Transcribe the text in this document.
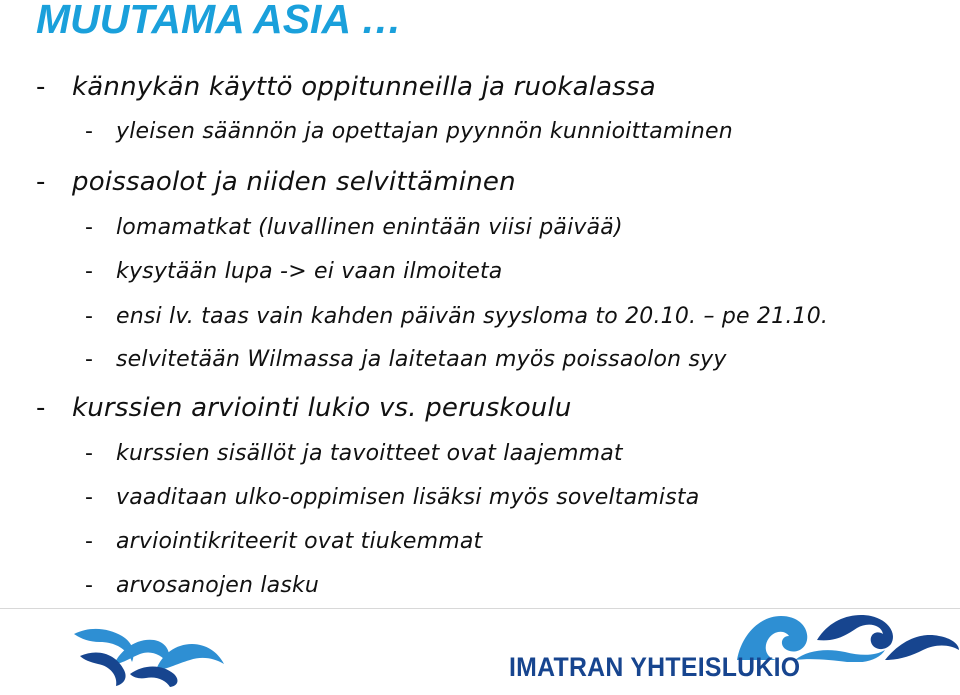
MUUTAMA ASIA …
- kännykän käyttö oppitunneilla ja ruokalassa
- yleisen säännön ja opettajan pyynnön kunnioittaminen
- poissaolot ja niiden selvittäminen
- lomamatkat (luvallinen enintään viisi päivää)
- kysytään lupa -> ei vaan ilmoiteta
- ensi lv. taas vain kahden päivän syysloma to 20.10. – pe 21.10.
- selvitetään Wilmassa ja laitetaan myös poissaolon syy
- kurssien arviointi lukio vs. peruskoulu
- kurssien sisällöt ja tavoitteet ovat laajemmat
- vaaditaan ulko-oppimisen lisäksi myös soveltamista
- arviointikriteerit ovat tiukemmat
- arvosanojen lasku
IMATRAN YHTEISLUKIO
